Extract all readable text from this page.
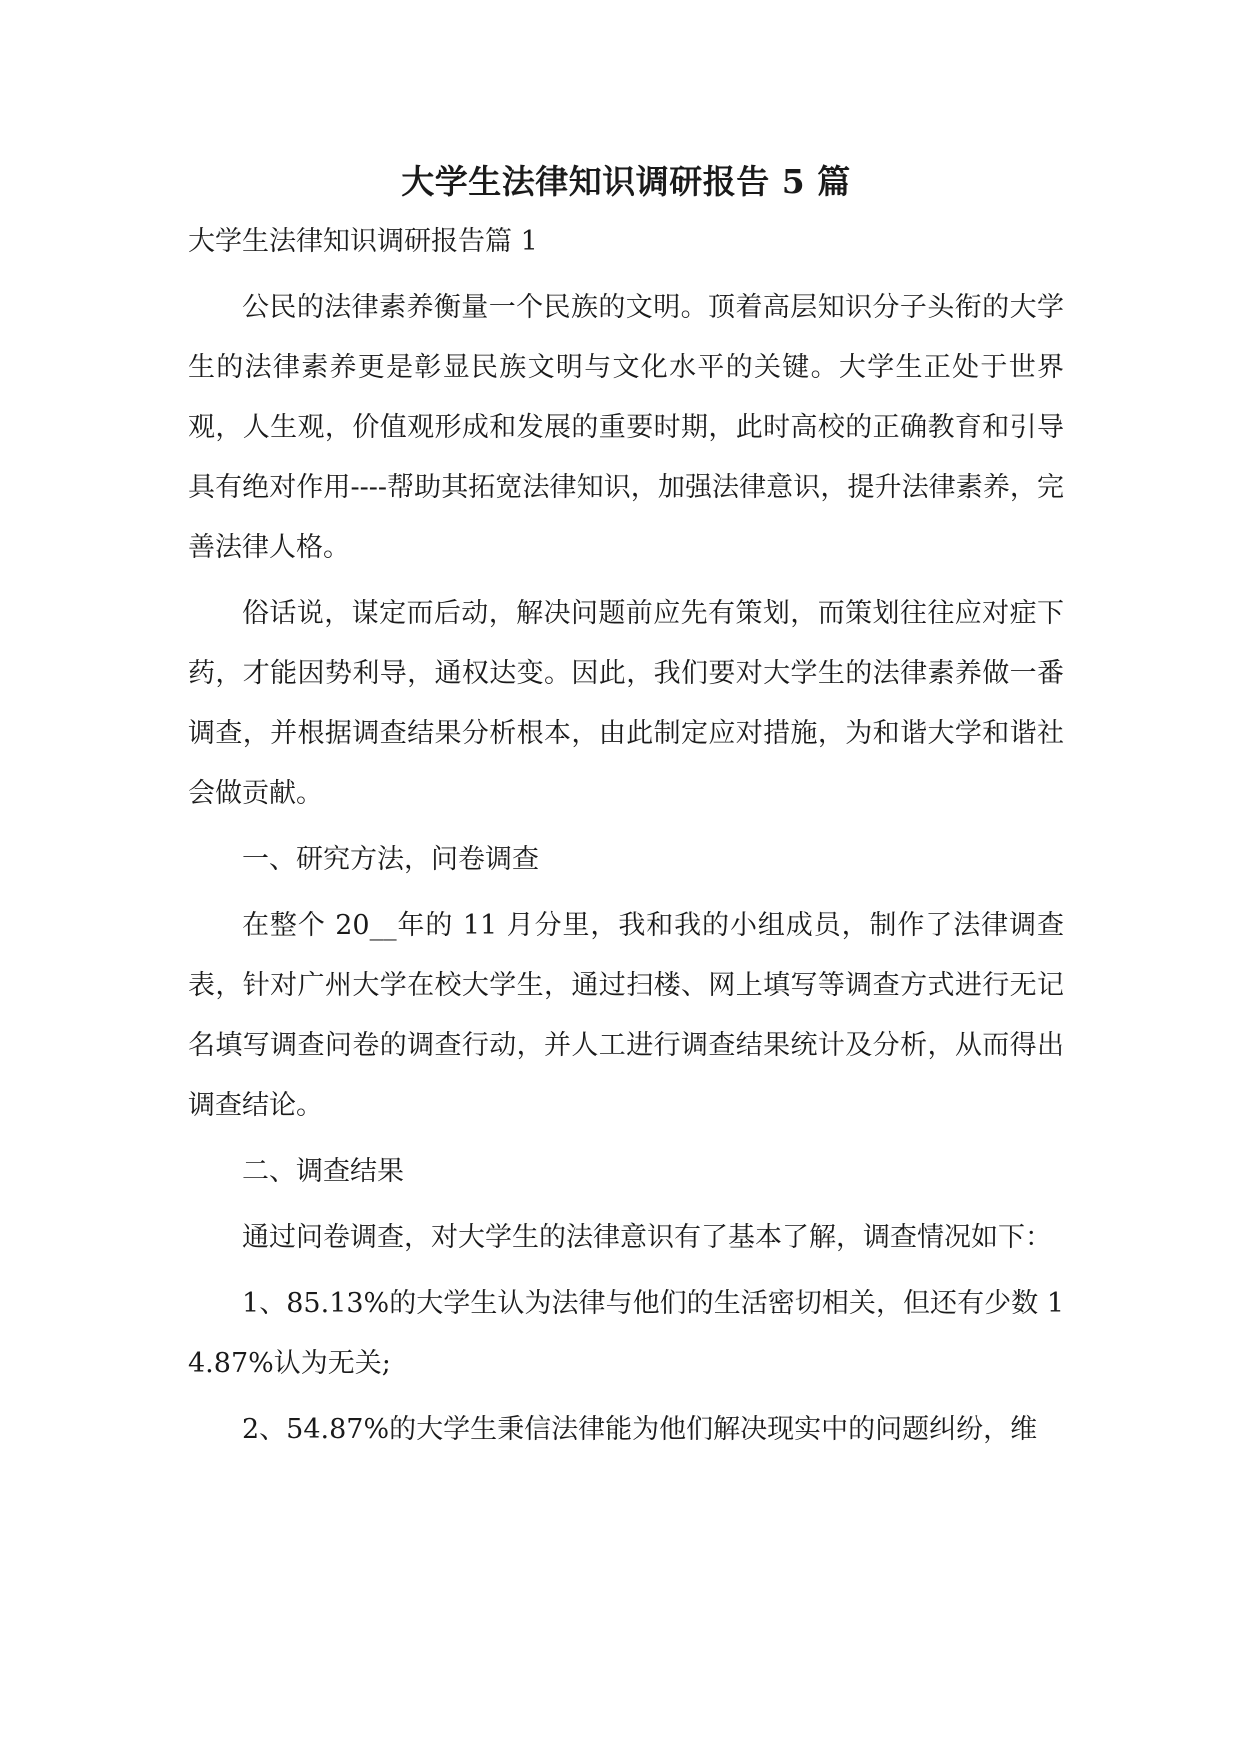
大学生法律知识调研报告 5 篇
大学生法律知识调研报告篇 1

公民的法律素养衡量一个民族的文明。顶着高层知识分子头衔的大学生的法律素养更是彰显民族文明与文化水平的关键。大学生正处于世界观，人生观，价值观形成和发展的重要时期，此时高校的正确教育和引导具有绝对作用----帮助其拓宽法律知识，加强法律意识，提升法律素养，完善法律人格。

俗话说，谋定而后动，解决问题前应先有策划，而策划往往应对症下药，才能因势利导，通权达变。因此，我们要对大学生的法律素养做一番调查，并根据调查结果分析根本，由此制定应对措施，为和谐大学和谐社会做贡献。

一、研究方法，问卷调查

在整个 20__年的 11 月分里，我和我的小组成员，制作了法律调查表，针对广州大学在校大学生，通过扫楼、网上填写等调查方式进行无记名填写调查问卷的调查行动，并人工进行调查结果统计及分析，从而得出调查结论。

二、调查结果

通过问卷调查，对大学生的法律意识有了基本了解，调查情况如下：

1、85.13%的大学生认为法律与他们的生活密切相关，但还有少数 14.87%认为无关;

2、54.87%的大学生秉信法律能为他们解决现实中的问题纠纷，维
